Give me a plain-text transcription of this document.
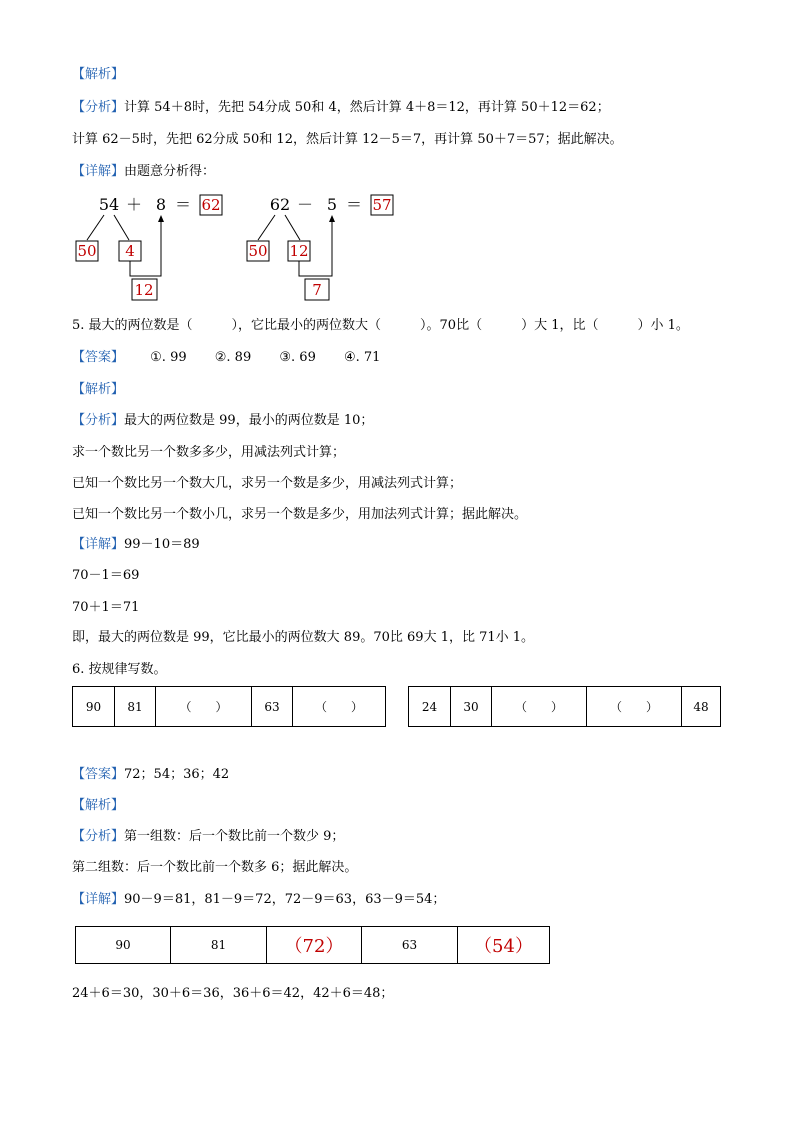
【解析】
【分析】计算 54＋8时，先把 54分成 50和 4，然后计算 4＋8＝12，再计算 50＋12＝62；
计算 62－5时，先把 62分成 50和 12，然后计算 12－5＝7，再计算 50＋7＝57；据此解决。
【详解】由题意分析得：
54 ＋ 8 ＝ 62
50 4
12
62 － 5 ＝ 57
50 12
7
5. 最大的两位数是（　　　），它比最小的两位数大（　　　）。70比（　　　）大 1，比（　　　）小 1。
【答案】 ①. 99 ②. 89 ③. 69 ④. 71
【解析】
【分析】最大的两位数是 99，最小的两位数是 10；
求一个数比另一个数多多少，用减法列式计算；
已知一个数比另一个数大几，求另一个数是多少，用减法列式计算；
已知一个数比另一个数小几，求另一个数是多少，用加法列式计算；据此解决。
【详解】99－10＝89
70－1＝69
70＋1＝71
即，最大的两位数是 99，它比最小的两位数大 89。70比 69大 1，比 71小 1。
6. 按规律写数。
90	81	（　　）	63	（　　）	24	30	（　　）	（　　）	48
【答案】72；54；36；42
【解析】
【分析】第一组数：后一个数比前一个数少 9；
第二组数：后一个数比前一个数多 6；据此解决。
【详解】90－9＝81，81－9＝72，72－9＝63，63－9＝54；
90	81	（72）	63	（54）
24＋6＝30，30＋6＝36，36＋6＝42，42＋6＝48；
